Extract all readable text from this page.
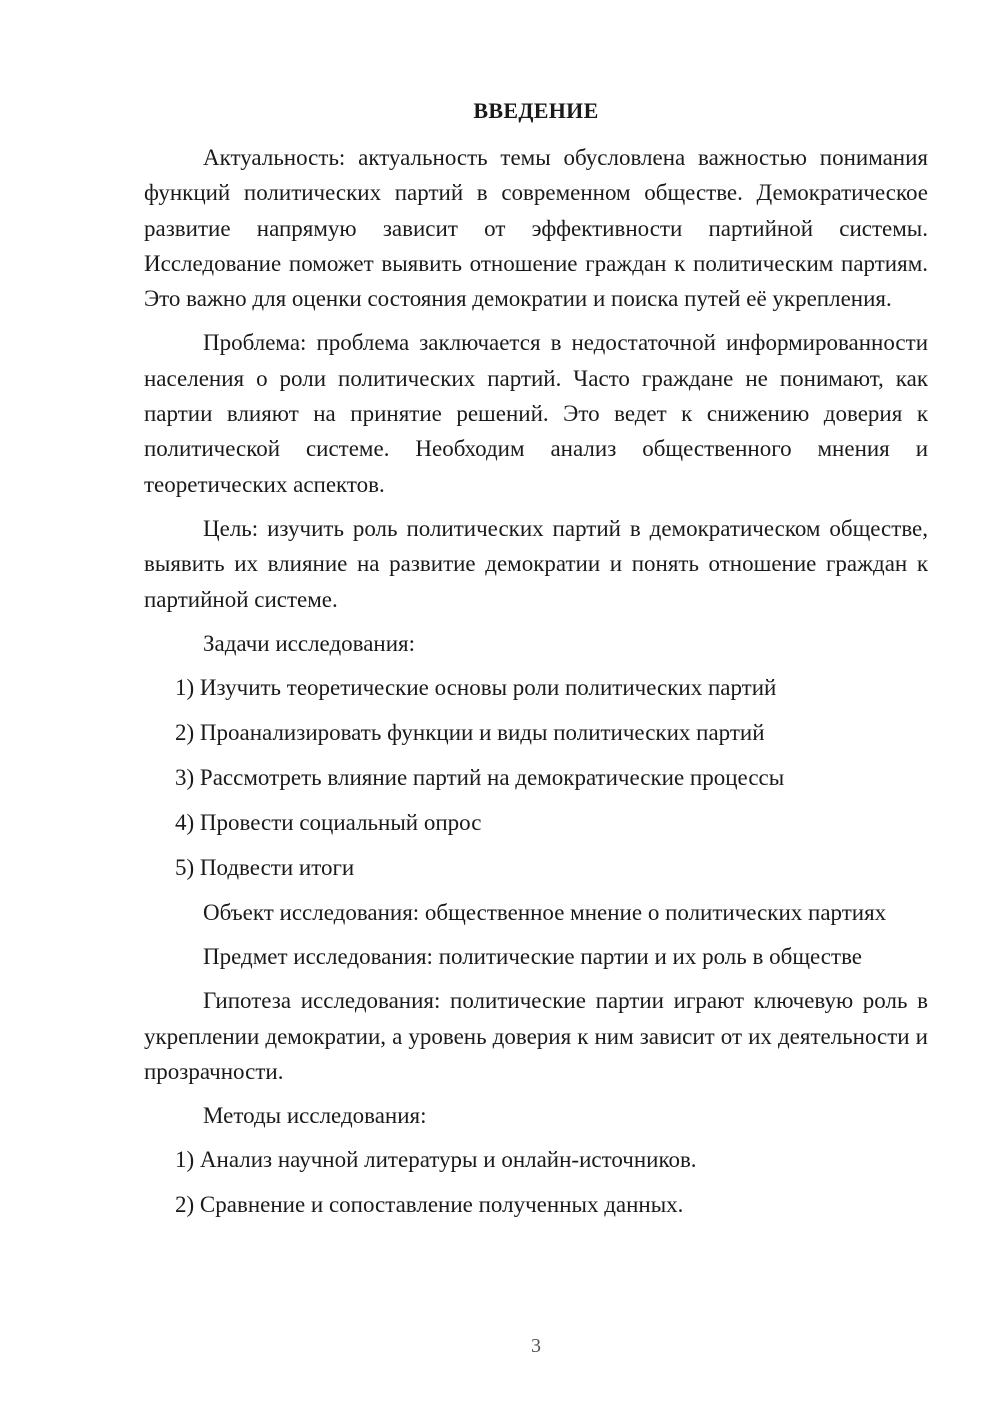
ВВЕДЕНИЕ

Актуальность: актуальность темы обусловлена важностью понимания функций политических партий в современном обществе. Демократическое развитие напрямую зависит от эффективности партийной системы. Исследование поможет выявить отношение граждан к политическим партиям. Это важно для оценки состояния демократии и поиска путей её укрепления.

Проблема: проблема заключается в недостаточной информированности населения о роли политических партий. Часто граждане не понимают, как партии влияют на принятие решений. Это ведет к снижению доверия к политической системе. Необходим анализ общественного мнения и теоретических аспектов.

Цель: изучить роль политических партий в демократическом обществе, выявить их влияние на развитие демократии и понять отношение граждан к партийной системе.

Задачи исследования:

1) Изучить теоретические основы роли политических партий

2) Проанализировать функции и виды политических партий

3) Рассмотреть влияние партий на демократические процессы

4) Провести социальный опрос

5) Подвести итоги

Объект исследования: общественное мнение о политических партиях

Предмет исследования: политические партии и их роль в обществе

Гипотеза исследования: политические партии играют ключевую роль в укреплении демократии, а уровень доверия к ним зависит от их деятельности и прозрачности.

Методы исследования:

1) Анализ научной литературы и онлайн-источников.

2) Сравнение и сопоставление полученных данных.

3
